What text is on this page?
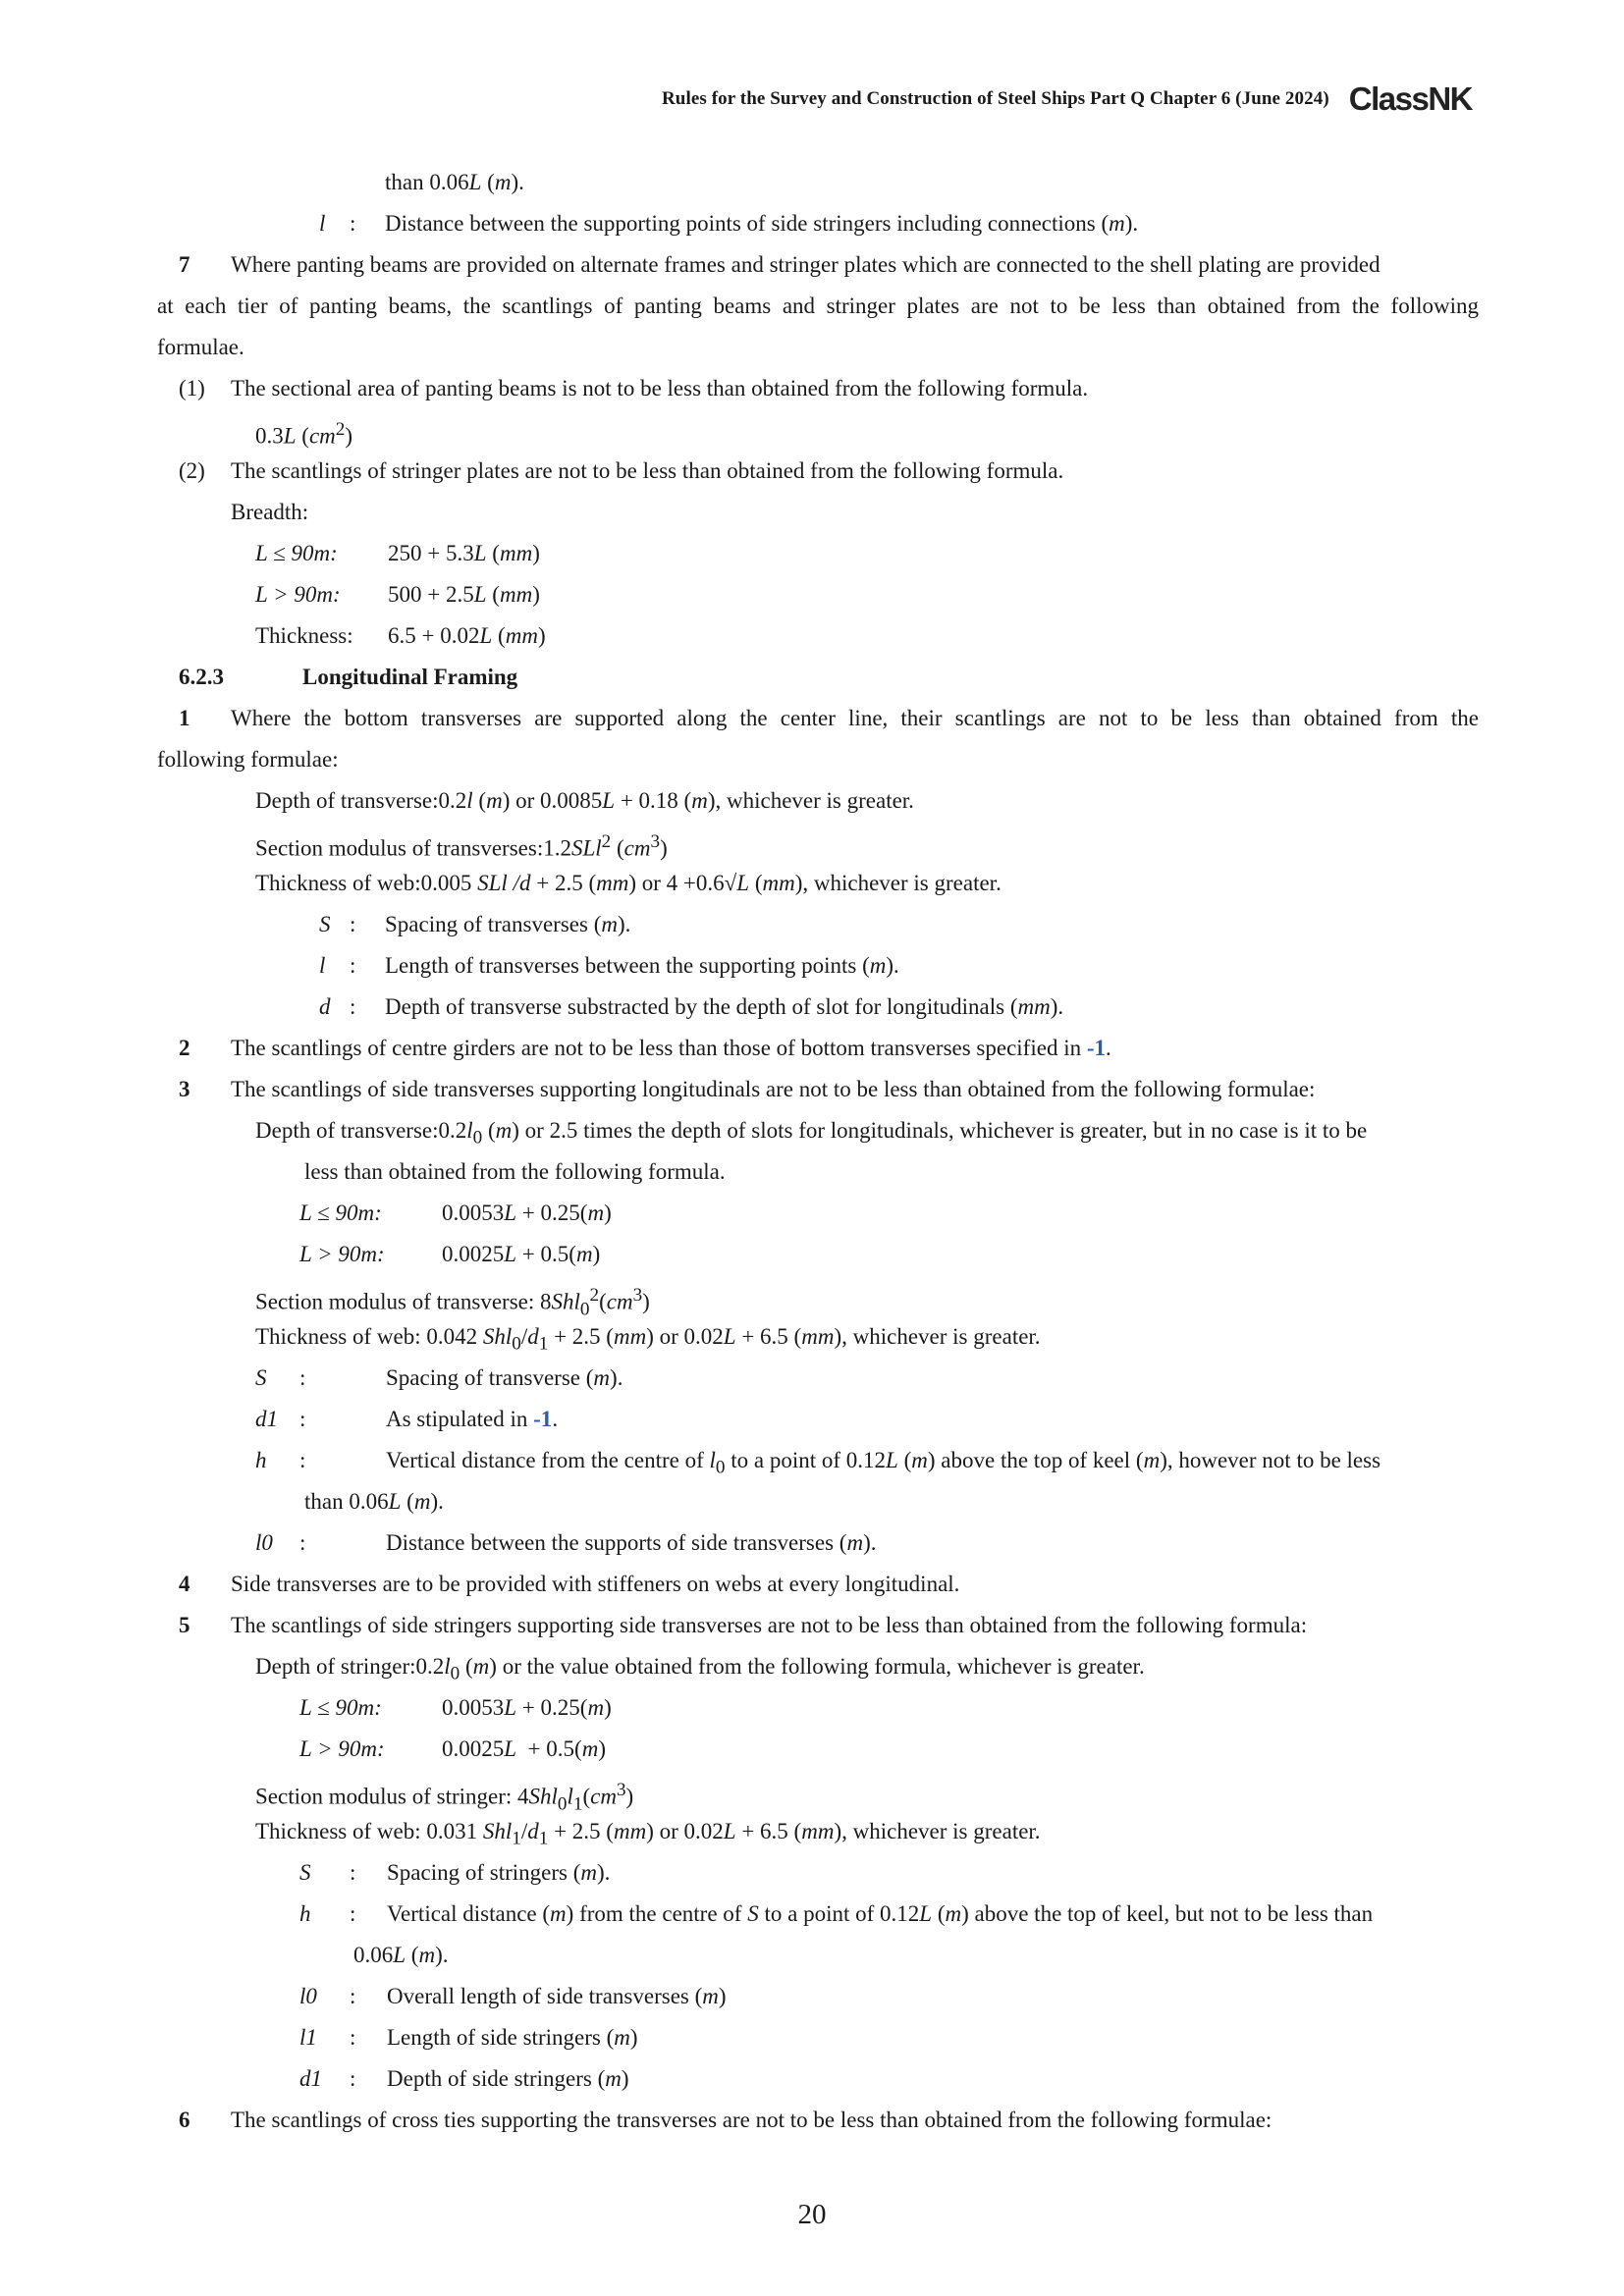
Rules for the Survey and Construction of Steel Ships Part Q Chapter 6 (June 2024) ClassNK
than 0.06L (m).
l : Distance between the supporting points of side stringers including connections (m).
7 Where panting beams are provided on alternate frames and stringer plates which are connected to the shell plating are provided
at each tier of panting beams, the scantlings of panting beams and stringer plates are not to be less than obtained from the following
formulae.
(1) The sectional area of panting beams is not to be less than obtained from the following formula.
0.3L $(cm^2)$
(2) The scantlings of stringer plates are not to be less than obtained from the following formula.
Breadth:
L ≤ 90m: 250 + 5.3L (mm)
L > 90m: 500 + 2.5L (mm)
Thickness: 6.5 + 0.02L (mm)
6.2.3	Longitudinal Framing
1 Where the bottom transverses are supported along the center line, their scantlings are not to be less than obtained from the
following formulae:
Depth of transverse:0.2l (m) or 0.0085L + 0.18 (m), whichever is greater.
Section modulus of transverses:1.2SLl$^2$ $(cm^3)$
Thickness of web:0.005 SLl /d + 2.5 (mm) or 4 +0.6√L (mm), whichever is greater.
S : Spacing of transverses (m).
l : Length of transverses between the supporting points (m).
d : Depth of transverse substracted by the depth of slot for longitudinals (mm).
2 The scantlings of centre girders are not to be less than those of bottom transverses specified in -1.
3 The scantlings of side transverses supporting longitudinals are not to be less than obtained from the following formulae:
Depth of $transverse:0.2l_0$ (m) or 2.5 times the depth of slots for longitudinals, whichever is greater, but in no case is it to be
less than obtained from the following formula.
L ≤ 90m:	0.0053L + 0.25(m)
L > 90m:	0.0025L + 0.5(m)
Section modulus of transverse: $8Shl_0^2(cm^3)$
Thickness of web: 0.042 $Shl_0/d_1 + 2.5$ (mm) or 0.02L + 6.5 (mm), whichever is greater.
S :	Spacing of transverse (m).
d1 :	As stipulated in -1.
h :	Vertical distance from the centre of $l_0$ to a point of 0.12L (m) above the top of keel (m), however not to be less
than 0.06L (m).
l0 :	Distance between the supports of side transverses (m).
4 Side transverses are to be provided with stiffeners on webs at every longitudinal.
5 The scantlings of side stringers supporting side transverses are not to be less than obtained from the following formula:
Depth of $stringer:0.2l_0$ (m) or the value obtained from the following formula, whichever is greater.
L ≤ 90m:	0.0053L + 0.25(m)
L > 90m:	0.0025L  + 0.5(m)
Section modulus of stringer: $4Shl_0l_1(cm^3)$
Thickness of web: 0.031 $Shl_1/d_1 + 2.5$ (mm) or 0.02L + 6.5 (mm), whichever is greater.
S : Spacing of stringers (m).
h : Vertical distance (m) from the centre of S to a point of 0.12L (m) above the top of keel, but not to be less than
0.06L (m).
l0 : Overall length of side transverses (m)
l1 : Length of side stringers (m)
d1 : Depth of side stringers (m)
6 The scantlings of cross ties supporting the transverses are not to be less than obtained from the following formulae:
20
